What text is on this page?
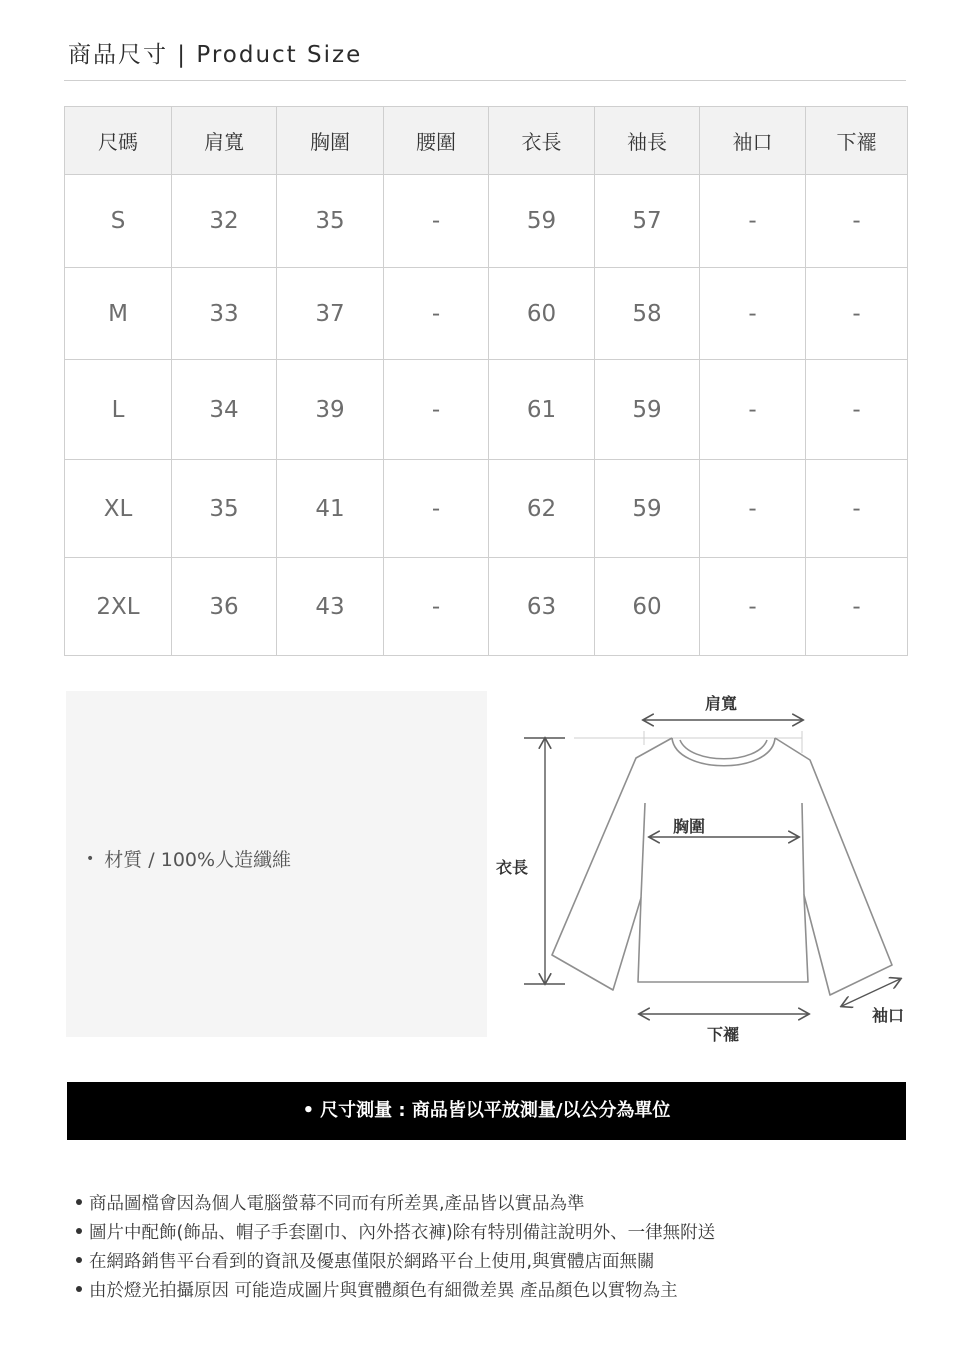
商品尺寸 | Product Size
尺碼	肩寬	胸圍	腰圍	衣長	袖長	袖口	下襬
S	32	35	-	59	57	-	-
M	33	37	-	60	58	-	-
L	34	39	-	61	59	-	-
XL	35	41	-	62	59	-	-
2XL	36	43	-	63	60	-	-
• 材質 / 100%人造纖維
肩寬
胸圍
衣長
下襬
袖口
• 尺寸測量 : 商品皆以平放測量/以公分為單位
商品圖檔會因為個人電腦螢幕不同而有所差異,產品皆以實品為準
圖片中配飾(飾品、帽子手套圍巾、內外搭衣褲)除有特別備註說明外、一律無附送
在網路銷售平台看到的資訊及優惠僅限於網路平台上使用,與實體店面無關
由於燈光拍攝原因 可能造成圖片與實體顏色有細微差異 產品顏色以實物為主
